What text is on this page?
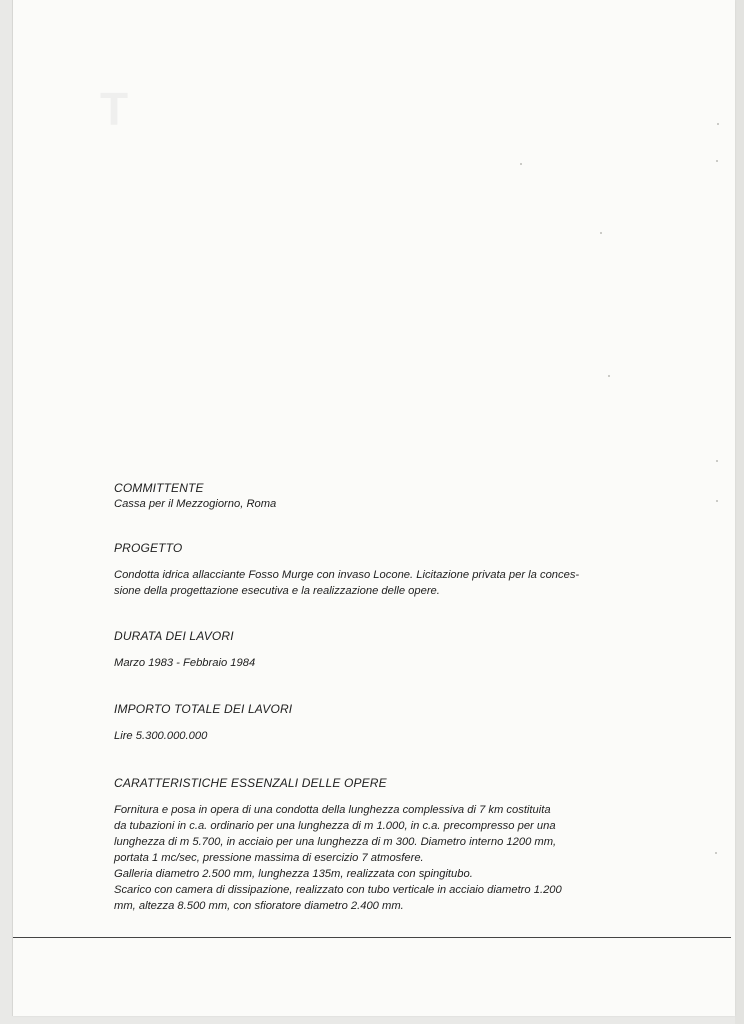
T

COMMITTENTE

Cassa per il Mezzogiorno, Roma

PROGETTO

Condotta idrica allacciante Fosso Murge con invaso Locone. Licitazione privata per la conces-
sione della progettazione esecutiva e la realizzazione delle opere.

DURATA DEI LAVORI

Marzo 1983 - Febbraio 1984

IMPORTO TOTALE DEI LAVORI

Lire 5.300.000.000

CARATTERISTICHE ESSENZALI DELLE OPERE

Fornitura e posa in opera di una condotta della lunghezza complessiva di 7 km costituita
da tubazioni in c.a. ordinario per una lunghezza di m 1.000, in c.a. precompresso per una
lunghezza di m 5.700, in acciaio per una lunghezza di m 300. Diametro interno 1200 mm,
portata 1 mc/sec, pressione massima di esercizio 7 atmosfere.
Galleria diametro 2.500 mm, lunghezza 135m, realizzata con spingitubo.
Scarico con camera di dissipazione, realizzato con tubo verticale in acciaio diametro 1.200
mm, altezza 8.500 mm, con sfioratore diametro 2.400 mm.
